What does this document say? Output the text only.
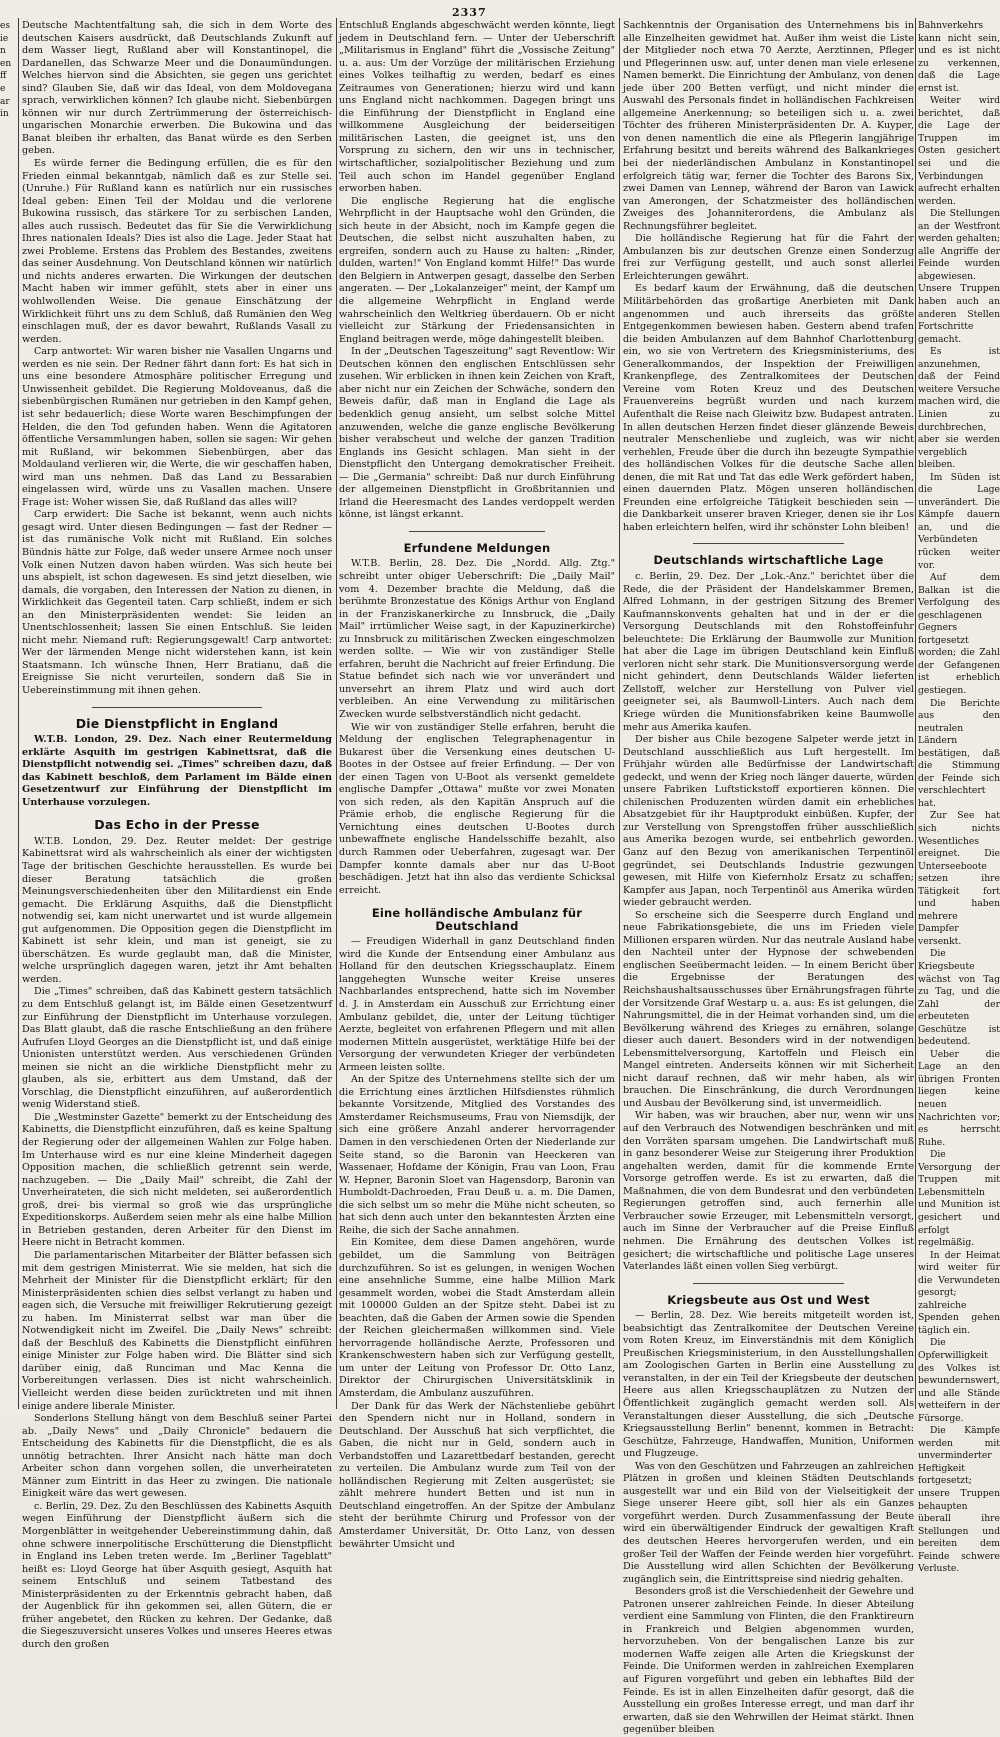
2337
es
ie
n
en
ff
e
ar
in

Deutsche Machtentfaltung sah, die sich in dem Worte des deutschen Kaisers ausdrückt, daß Deutschlands Zukunft auf dem Wasser liegt, Rußland aber will Konstantinopel, die Dardanellen, das Schwarze Meer und die Donaumündungen. Welches hiervon sind die Absichten, sie gegen uns gerichtet sind? Glauben Sie, daß wir das Ideal, von dem Moldovegana sprach, verwirklichen können? Ich glaube nicht. Siebenbürgen können wir nur durch Zertrümmerung der österreichisch-ungarischen Monarchie erwerben. Die Bukowina und das Banat bleiben ihr erhalten, das Banat würde es den Serben geben.

Es würde ferner die Bedingung erfüllen, die es für den Frieden einmal bekanntgab, nämlich daß es zur Stelle sei. (Unruhe.) Für Rußland kann es natürlich nur ein russisches Ideal geben: Einen Teil der Moldau und die verlorene Bukowina russisch, das stärkere Tor zu serbischen Landen, alles auch russisch. Bedeutet das für Sie die Verwirklichung Ihres nationalen Ideals? Dies ist also die Lage. Jeder Staat hat zwei Probleme. Erstens das Problem des Bestandes, zweitens das seiner Ausdehnung. Von Deutschland können wir natürlich und nichts anderes erwarten. Die Wirkungen der deutschen Macht haben wir immer gefühlt, stets aber in einer uns wohlwollenden Weise. Die genaue Einschätzung der Wirklichkeit führt uns zu dem Schluß, daß Rumänien den Weg einschlagen muß, der es davor bewahrt, Rußlands Vasall zu werden.

Carp antwortet: Wir waren bisher nie Vasallen Ungarns und werden es nie sein. Der Redner fährt dann fort: Es hat sich in uns eine besondere Atmosphäre politischer Erregung und Unwissenheit gebildet. Die Regierung Moldoveanus, daß die siebenbürgischen Rumänen nur getrieben in den Kampf gehen, ist sehr bedauerlich; diese Worte waren Beschimpfungen der Helden, die den Tod gefunden haben. Wenn die Agitatoren öffentliche Versammlungen haben, sollen sie sagen: Wir gehen mit Rußland, wir bekommen Siebenbürgen, aber das Moldauland verlieren wir, die Werte, die wir geschaffen haben, wird man uns nehmen. Daß das Land zu Bessarabien eingelassen wird, würde uns zu Vasallen machen. Unsere Frage ist: Woher wissen Sie, daß Rußland das alles will?

Carp erwidert: Die Sache ist bekannt, wenn auch nichts gesagt wird. Unter diesen Bedingungen — fast der Redner — ist das rumänische Volk nicht mit Rußland. Ein solches Bündnis hätte zur Folge, daß weder unsere Armee noch unser Volk einen Nutzen davon haben würden. Was sich heute bei uns abspielt, ist schon dagewesen. Es sind jetzt dieselben, wie damals, die vorgaben, den Interessen der Nation zu dienen, in Wirklichkeit das Gegenteil taten. Carp schließt, indem er sich an den Ministerpräsidenten wendet: Sie leiden an Unentschlossenheit; lassen Sie einen Entschluß. Sie leiden nicht mehr. Niemand ruft: Regierungsgewalt! Carp antwortet: Wer der lärmenden Menge nicht widerstehen kann, ist kein Staatsmann. Ich wünsche Ihnen, Herr Bratianu, daß die Ereignisse Sie nicht verurteilen, sondern daß Sie in Uebereinstimmung mit ihnen gehen.

Die Dienstpflicht in England

W.T.B. London, 29. Dez. Nach einer Reutermeldung erklärte Asquith im gestrigen Kabinettsrat, daß die Dienstpflicht notwendig sei. „Times" schreiben dazu, daß das Kabinett beschloß, dem Parlament im Bälde einen Gesetzentwurf zur Einführung der Dienstpflicht im Unterhause vorzulegen.

Das Echo in der Presse

W.T.B. London, 29. Dez. Reuter meldet: Der gestrige Kabinettsrat wird als wahrscheinlich als einer der wichtigsten Tage der britischen Geschichte herausstellen. Es wurde bei dieser Beratung tatsächlich die großen Meinungsverschiedenheiten über den Militardienst ein Ende gemacht. Die Erklärung Asquiths, daß die Dienstpflicht notwendig sei, kam nicht unerwartet und ist wurde allgemein gut aufgenommen. Die Opposition gegen die Dienstpflicht im Kabinett ist sehr klein, und man ist geneigt, sie zu überschätzen. Es wurde geglaubt man, daß die Minister, welche ursprünglich dagegen waren, jetzt ihr Amt behalten werden.

Die „Times" schreiben, daß das Kabinett gestern tatsächlich zu dem Entschluß gelangt ist, im Bälde einen Gesetzentwurf zur Einführung der Dienstpflicht im Unterhause vorzulegen. Das Blatt glaubt, daß die rasche Entschließung an den frühere Aufrufen Lloyd Georges an die Dienstpflicht ist, und daß einige Unionisten unterstützt werden. Aus verschiedenen Gründen meinen sie nicht an die wirkliche Dienstpflicht mehr zu glauben, als sie, erbittert aus dem Umstand, daß der Vorschlag, die Dienstpflicht einzuführen, auf außerordentlich wenig Widerstand stieß.

Die „Westminster Gazette" bemerkt zu der Entscheidung des Kabinetts, die Dienstpflicht einzuführen, daß es keine Spaltung der Regierung oder der allgemeinen Wahlen zur Folge haben. Im Unterhause wird es nur eine kleine Minderheit dagegen Opposition machen, die schließlich getrennt sein werde, nachzugeben. — Die „Daily Mail" schreibt, die Zahl der Unverheirateten, die sich nicht meldeten, sei außerordentlich groß, drei- bis viermal so groß wie das ursprüngliche Expeditionskorps. Außerdem seien mehr als eine halbe Million in Betrieben gestanden, deren Arbeiter für den Dienst im Heere nicht in Betracht kommen.

Die parlamentarischen Mitarbeiter der Blätter befassen sich mit dem gestrigen Ministerrat. Wie sie melden, hat sich die Mehrheit der Minister für die Dienstpflicht erklärt; für den Ministerpräsidenten schien dies selbst verlangt zu haben und eagen sich, die Versuche mit freiwilliger Rekrutierung gezeigt zu haben. Im Ministerrat selbst war man über die Notwendigkeit nicht im Zweifel. Die „Daily News" schreibt: daß der Beschluß des Kabinetts die Dienstpflicht einführen einige Minister zur Folge haben wird. Die Blätter sind sich darüber einig, daß Runciman und Mac Kenna die Vorbereitungen verlassen. Dies ist nicht wahrscheinlich. Vielleicht werden diese beiden zurücktreten und mit ihnen einige andere liberale Minister.

Sonderlons Stellung hängt von dem Beschluß seiner Partei ab. „Daily News" und „Daily Chronicle" bedauern die Entscheidung des Kabinetts für die Dienstpflicht, die es als unnötig betrachten. Ihrer Ansicht nach hätte man doch Arbeiter schon dann vorgehen sollen, die unverheirateten Männer zum Eintritt in das Heer zu zwingen. Die nationale Einigkeit wäre das wert gewesen.

c. Berlin, 29. Dez. Zu den Beschlüssen des Kabinetts Asquith wegen Einführung der Dienstpflicht äußern sich die Morgenblätter in weitgehender Uebereinstimmung dahin, daß ohne schwere innerpolitische Erschütterung die Dienstpflicht in England ins Leben treten werde. Im „Berliner Tageblatt" heißt es: Lloyd George hat über Asquith gesiegt, Asquith hat seinem Entschluß und seinem Tatbestand des Ministerpräsidenten zu der Erkenntnis gebracht haben, daß der Augenblick für ihn gekommen sei, allen Gütern, die er früher angebetet, den Rücken zu kehren. Der Gedanke, daß die Siegeszuversicht unseres Volkes und unseres Heeres etwas durch den großen

Entschluß Englands abgeschwächt werden könnte, liegt jedem in Deutschland fern. — Unter der Ueberschrift „Militarismus in England" führt die „Vossische Zeitung" u. a. aus: Um der Vorzüge der militärischen Erziehung eines Volkes teilhaftig zu werden, bedarf es eines Zeitraumes von Generationen; hierzu wird und kann uns England nicht nachkommen. Dagegen bringt uns die Einführung der Dienstpflicht in England eine willkommene Ausgleichung der beiderseitigen militärischen Lasten, die geeignet ist, uns den Vorsprung zu sichern, den wir uns in technischer, wirtschaftlicher, sozialpolitischer Beziehung und zum Teil auch schon im Handel gegenüber England erworben haben.

Die englische Regierung hat die englische Wehrpflicht in der Hauptsache wohl den Gründen, die sich heute in der Absicht, noch im Kampfe gegen die Deutschen, die selbst nicht auszuhalten haben, zu ergreifen, sondern auch zu Hause zu halten: „Rinder, dulden, warten!" Von England kommt Hilfe!" Das wurde den Belgiern in Antwerpen gesagt, dasselbe den Serben angeraten. — Der „Lokalanzeiger" meint, der Kampf um die allgemeine Wehrpflicht in England werde wahrscheinlich den Weltkrieg überdauern. Ob er nicht vielleicht zur Stärkung der Friedensansichten in England beitragen werde, möge dahingestellt bleiben.

In der „Deutschen Tageszeitung" sagt Reventlow: Wir Deutschen können den englischen Entschlüssen sehr zusehen. Wir erblicken in ihnen kein Zeichen von Kraft, aber nicht nur ein Zeichen der Schwäche, sondern den Beweis dafür, daß man in England die Lage als bedenklich genug ansieht, um selbst solche Mittel anzuwenden, welche die ganze englische Bevölkerung bisher verabscheut und welche der ganzen Tradition Englands ins Gesicht schlagen. Man sieht in der Dienstpflicht den Untergang demokratischer Freiheit. — Die „Germania" schreibt: Daß nur durch Einführung der allgemeinen Dienstpflicht in Großbritannien und Irland die Heeresmacht des Landes verdoppelt werden könne, ist längst erkannt.

Erfundene Meldungen

W.T.B. Berlin, 28. Dez. Die „Nordd. Allg. Ztg." schreibt unter obiger Ueberschrift: Die „Daily Mail" vom 4. Dezember brachte die Meldung, daß die berühmte Bronzestatue des Königs Arthur von England in der Franziskanerkirche zu Innsbruck, die „Daily Mail" irrtümlicher Weise sagt, in der Kapuzinerkirche) zu Innsbruck zu militärischen Zwecken eingeschmolzen werden sollte. — Wie wir von zuständiger Stelle erfahren, beruht die Nachricht auf freier Erfindung. Die Statue befindet sich nach wie vor unverändert und unversehrt an ihrem Platz und wird auch dort verbleiben. An eine Verwendung zu militärischen Zwecken wurde selbstverständlich nicht gedacht.

Wie wir von zuständiger Stelle erfahren, beruht die Meldung der englischen Telegraphenagentur in Bukarest über die Versenkung eines deutschen U-Bootes in der Ostsee auf freier Erfindung. — Der von der einen Tagen von U-Boot als versenkt gemeldete englische Dampfer „Ottawa" mußte vor zwei Monaten von sich reden, als den Kapitän Anspruch auf die Prämie erhob, die englische Regierung für die Vernichtung eines deutschen U-Bootes durch unbewaffnete englische Handelsschiffe bezahlt, also durch Rammen oder Ueberfahren, zugesagt war. Der Dampfer konnte damals aber nur das U-Boot beschädigen. Jetzt hat ihn also das verdiente Schicksal erreicht.

Eine holländische Ambulanz für Deutschland

— Freudigen Widerhall in ganz Deutschland finden wird die Kunde der Entsendung einer Ambulanz aus Holland für den deutschen Kriegsschauplatz. Einem langgehegten Wunsche weiter Kreise unseres Nachbarlandes entsprechend, hatte sich im November d. J. in Amsterdam ein Ausschuß zur Errichtung einer Ambulanz gebildet, die, unter der Leitung tüchtiger Aerzte, begleitet von erfahrenen Pflegern und mit allen modernen Mitteln ausgerüstet, werktätige Hilfe bei der Versorgung der verwundeten Krieger der verbündeten Armeen leisten sollte.

An der Spitze des Unternehmens stellte sich der um die Errichtung eines ärztlichen Hilfsdienstes rühmlich bekannte Vorsitzende, Mitglied des Vorstandes des Amsterdamer Reichsmuseums, Frau von Niemsdijk, der sich eine größere Anzahl anderer hervorragender Damen in den verschiedenen Orten der Niederlande zur Seite stand, so die Baronin van Heeckeren van Wassenaer, Hofdame der Königin, Frau van Loon, Frau W. Hepner, Baronin Sloet van Hagensdorp, Baronin van Humboldt-Dachroeden, Frau Deuß u. a. m. Die Damen, die sich selbst um so mehr die Mühe nicht scheuten, so hat sich denn auch unter den bekanntesten Ärzten eine Reihe, die sich der Sache annahmen.

Ein Komitee, dem diese Damen angehören, wurde gebildet, um die Sammlung von Beiträgen durchzuführen. So ist es gelungen, in wenigen Wochen eine ansehnliche Summe, eine halbe Million Mark gesammelt worden, wobei die Stadt Amsterdam allein mit 100000 Gulden an der Spitze steht. Dabei ist zu beachten, daß die Gaben der Armen sowie die Spenden der Reichen gleichermaßen willkommen sind. Viele hervorragende holländische Aerzte, Professoren und Krankenschwestern haben sich zur Verfügung gestellt, um unter der Leitung von Professor Dr. Otto Lanz, Direktor der Chirurgischen Universitätsklinik in Amsterdam, die Ambulanz auszuführen.

Der Dank für das Werk der Nächstenliebe gebührt den Spendern nicht nur in Holland, sondern in Deutschland. Der Ausschuß hat sich verpflichtet, die Gaben, die nicht nur in Geld, sondern auch in Verbandstoffen und Lazarettbedarf bestanden, gerecht zu verteilen. Die Ambulanz wurde zum Teil von der holländischen Regierung mit Zelten ausgerüstet; sie zählt mehrere hundert Betten und ist nun in Deutschland eingetroffen. An der Spitze der Ambulanz steht der berühmte Chirurg und Professor von der Amsterdamer Universität, Dr. Otto Lanz, von dessen bewährter Umsicht und

Sachkenntnis der Organisation des Unternehmens bis in alle Einzelheiten gewidmet hat. Außer ihm weist die Liste der Mitglieder noch etwa 70 Aerzte, Aerztinnen, Pfleger und Pflegerinnen usw. auf, unter denen man viele erlesene Namen bemerkt. Die Einrichtung der Ambulanz, von denen jede über 200 Betten verfügt, und nicht minder die Auswahl des Personals findet in holländischen Fachkreisen allgemeine Anerkennung; so beteiligen sich u. a. zwei Töchter des früheren Ministerpräsidenten Dr. A. Kuyper, von denen namentlich die eine als Pflegerin langjährige Erfahrung besitzt und bereits während des Balkankrieges bei der niederländischen Ambulanz in Konstantinopel erfolgreich tätig war, ferner die Tochter des Barons Six, zwei Damen van Lennep, während der Baron van Lawick van Amerongen, der Schatzmeister des holländischen Zweiges des Johanniterordens, die Ambulanz als Rechnungsführer begleitet.

Die holländische Regierung hat für die Fahrt der Ambulanzen bis zur deutschen Grenze einen Sonderzug frei zur Verfügung gestellt, und auch sonst allerlei Erleichterungen gewährt.

Es bedarf kaum der Erwähnung, daß die deutschen Militärbehörden das großartige Anerbieten mit Dank angenommen und auch ihrerseits das größte Entgegenkommen bewiesen haben. Gestern abend trafen die beiden Ambulanzen auf dem Bahnhof Charlottenburg ein, wo sie von Vertretern des Kriegsministeriums, des Generalkommandos, der Inspektion der Freiwilligen Krankenpflege, des Zentralkomitees der Deutschen Vereine vom Roten Kreuz und des Deutschen Frauenvereins begrüßt wurden und nach kurzem Aufenthalt die Reise nach Gleiwitz bzw. Budapest antraten. In allen deutschen Herzen findet dieser glänzende Beweis neutraler Menschenliebe und zugleich, was wir nicht verhehlen, Freude über die durch ihn bezeugte Sympathie des holländischen Volkes für die deutsche Sache allen denen, die mit Rat und Tat das edle Werk gefördert haben, einen dauernden Platz. Mögen unseren holländischen Freunden eine erfolgreiche Tätigkeit beschieden sein — die Dankbarkeit unserer braven Krieger, denen sie ihr Los haben erleichtern helfen, wird ihr schönster Lohn bleiben!

Deutschlands wirtschaftliche Lage

c. Berlin, 29. Dez. Der „Lok.-Anz." berichtet über die Rede, die der Präsident der Handelskammer Bremen, Alfred Lohmann, in der gestrigen Sitzung des Bremer Kaufmannskonvents gehalten hat und in der er die Versorgung Deutschlands mit den Rohstoffeinfuhr beleuchtete: Die Erklärung der Baumwolle zur Munition hat aber die Lage im übrigen Deutschland kein Einfluß verloren nicht sehr stark. Die Munitionsversorgung werde nicht gehindert, denn Deutschlands Wälder lieferten Zellstoff, welcher zur Herstellung von Pulver viel geeigneter sei, als Baumwoll-Linters. Auch nach dem Kriege würden die Munitionsfabriken keine Baumwolle mehr aus Amerika kaufen.

Der bisher aus Chile bezogene Salpeter werde jetzt in Deutschland ausschließlich aus Luft hergestellt. Im Frühjahr würden alle Bedürfnisse der Landwirtschaft gedeckt, und wenn der Krieg noch länger dauerte, würden unsere Fabriken Luftstickstoff exportieren können. Die chilenischen Produzenten würden damit ein erhebliches Absatzgebiet für ihr Hauptprodukt einbüßen. Kupfer, der zur Verstellung von Sprengstoffen früher ausschließlich aus Amerika bezogen wurde, sei entbehrlich geworden. Ganz auf den Bezug von amerikanischen Terpentinöl gegründet, sei Deutschlands Industrie gezwungen gewesen, mit Hilfe von Kiefernholz Ersatz zu schaffen; Kampfer aus Japan, noch Terpentinöl aus Amerika würden wieder gebraucht werden.

So erscheine sich die Seesperre durch England und neue Fabrikationsgebiete, die uns im Frieden viele Millionen ersparen würden. Nur das neutrale Ausland habe den Nachteil unter der Hypnose der schwebenden englischen Seeübermacht leiden. — In einem Bericht über die Ergebnisse der Beratungen des Reichshaushaltsausschusses über Ernährungsfragen führte der Vorsitzende Graf Westarp u. a. aus: Es ist gelungen, die Nahrungsmittel, die in der Heimat vorhanden sind, um die Bevölkerung während des Krieges zu ernähren, solange dieser auch dauert. Besonders wird in der notwendigen Lebensmittelversorgung, Kartoffeln und Fleisch ein Mangel eintreten. Anderseits können wir mit Sicherheit nicht darauf rechnen, daß wir mehr haben, als wir brauchen. Die Einschränkung, die durch Verordnungen und Ausbau der Bevölkerung sind, ist unvermeidlich.

Wir haben, was wir brauchen, aber nur, wenn wir uns auf den Verbrauch des Notwendigen beschränken und mit den Vorräten sparsam umgehen. Die Landwirtschaft muß in ganz besonderer Weise zur Steigerung ihrer Produktion angehalten werden, damit für die kommende Ernte Vorsorge getroffen werde. Es ist zu erwarten, daß die Maßnahmen, die von dem Bundesrat und den verbündeten Regierungen getroffen sind, auch fernerhin alle Verbraucher sowie Erzeuger, mit Lebensmitteln versorgt, auch im Sinne der Verbraucher auf die Preise Einfluß nehmen. Die Ernährung des deutschen Volkes ist gesichert; die wirtschaftliche und politische Lage unseres Vaterlandes läßt einen vollen Sieg verbürgt.

Kriegsbeute aus Ost und West

— Berlin, 28. Dez. Wie bereits mitgeteilt worden ist, beabsichtigt das Zentralkomitee der Deutschen Vereine vom Roten Kreuz, im Einverständnis mit dem Königlich Preußischen Kriegsministerium, in den Ausstellungshallen am Zoologischen Garten in Berlin eine Ausstellung zu veranstalten, in der ein Teil der Kriegsbeute der deutschen Heere aus allen Kriegsschauplätzen zu Nutzen der Öffentlichkeit zugänglich gemacht werden soll. Als Veranstaltungen dieser Ausstellung, die sich „Deutsche Kriegsausstellung Berlin" benennt, kommen in Betracht: Geschütze, Fahrzeuge, Handwaffen, Munition, Uniformen und Flugzeuge.

Was von den Geschützen und Fahrzeugen an zahlreichen Plätzen in großen und kleinen Städten Deutschlands ausgestellt war und ein Bild von der Vielseitigkeit der Siege unserer Heere gibt, soll hier als ein Ganzes vorgeführt werden. Durch Zusammenfassung der Beute wird ein überwältigender Eindruck der gewaltigen Kraft des deutschen Heeres hervorgerufen werden, und ein großer Teil der Waffen der Feinde werden hier vorgeführt. Die Ausstellung wird allen Schichten der Bevölkerung zugänglich sein, die Eintrittspreise sind niedrig gehalten.

Besonders groß ist die Verschiedenheit der Gewehre und Patronen unserer zahlreichen Feinde. In dieser Abteilung verdient eine Sammlung von Flinten, die den Franktireurn in Frankreich und Belgien abgenommen wurden, hervorzuheben. Von der bengalischen Lanze bis zur modernen Waffe zeigen alle Arten die Kriegskunst der Feinde. Die Uniformen werden in zahlreichen Exemplaren auf Figuren vorgeführt und geben ein lebhaftes Bild der Feinde. Es ist in allen Einzelheiten dafür gesorgt, daß die Ausstellung ein großes Interesse erregt, und man darf ihr erwarten, daß sie den Wehrwillen der Heimat stärkt. Ihnen gegenüber bleiben

Bahnverkehrs kann nicht sein, und es ist nicht zu verkennen, daß die Lage ernst ist.

Weiter wird berichtet, daß die Lage der Truppen im Osten gesichert sei und die Verbindungen aufrecht erhalten werden.

Die Stellungen an der Westfront werden gehalten; alle Angriffe der Feinde wurden abgewiesen. Unsere Truppen haben auch an anderen Stellen Fortschritte gemacht.

Es ist anzunehmen, daß der Feind weitere Versuche machen wird, die Linien zu durchbrechen, aber sie werden vergeblich bleiben.

Im Süden ist die Lage unverändert. Die Kämpfe dauern an, und die Verbündeten rücken weiter vor.

Auf dem Balkan ist die Verfolgung des geschlagenen Gegners fortgesetzt worden; die Zahl der Gefangenen ist erheblich gestiegen.

Die Berichte aus den neutralen Ländern bestätigen, daß die Stimmung der Feinde sich verschlechtert hat.

Zur See hat sich nichts Wesentliches ereignet. Die Unterseeboote setzen ihre Tätigkeit fort und haben mehrere Dampfer versenkt.

Die Kriegsbeute wächst von Tag zu Tag, und die Zahl der erbeuteten Geschütze ist bedeutend.

Ueber die Lage an den übrigen Fronten liegen keine neuen Nachrichten vor; es herrscht Ruhe.

Die Versorgung der Truppen mit Lebensmitteln und Munition ist gesichert und erfolgt regelmäßig.

In der Heimat wird weiter für die Verwundeten gesorgt; zahlreiche Spenden gehen täglich ein.

Die Opferwilligkeit des Volkes ist bewundernswert, und alle Stände wetteifern in der Fürsorge.

Die Kämpfe werden mit unverminderter Heftigkeit fortgesetzt; unsere Truppen behaupten überall ihre Stellungen und bereiten dem Feinde schwere Verluste.
